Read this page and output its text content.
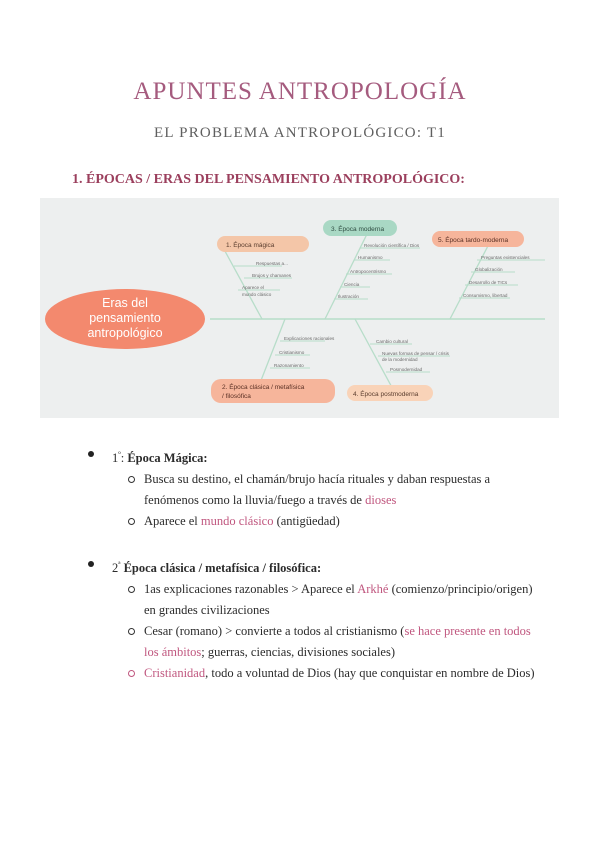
APUNTES ANTROPOLOGÍA
EL PROBLEMA ANTROPOLÓGICO: T1
1. ÉPOCAS / ERAS DEL PENSAMIENTO ANTROPOLÓGICO:
Eras del
pensamiento
antropológico
1. Época mágica
3. Época moderna
5. Época tardo-moderna
2. Época clásica / metafísica
/ filosófica	4. Época postmoderna
Respuestas a...
Brujos y chamanes
Aparece el
mundo clásico
Revolución científica / Dios
Humanismo
Antropocentrismo
Ciencia
Ilustración
Preguntas existenciales
Globalización
Desarrollo de TICs
Consumismo, libertad
Explicaciones racionales
Cristianismo
Razonamiento
Cambio cultural
Nuevas formas de pensar / crisis
de la modernidad
Posmodernidad
$1^º$: Época Mágica:
Busca su destino, el chamán/brujo hacía rituales y daban respuestas a fenómenos como la lluvia/fuego a través de dioses
Aparece el mundo clásico (antigüedad)
$2^ª$ Época clásica / metafísica / filosófica:
1as explicaciones razonables > Aparece el Arkhé (comienzo/principio/origen) en grandes civilizaciones
Cesar (romano) > convierte a todos al cristianismo (se hace presente en todos los ámbitos; guerras, ciencias, divisiones sociales)
Cristianidad, todo a voluntad de Dios (hay que conquistar en nombre de Dios)
